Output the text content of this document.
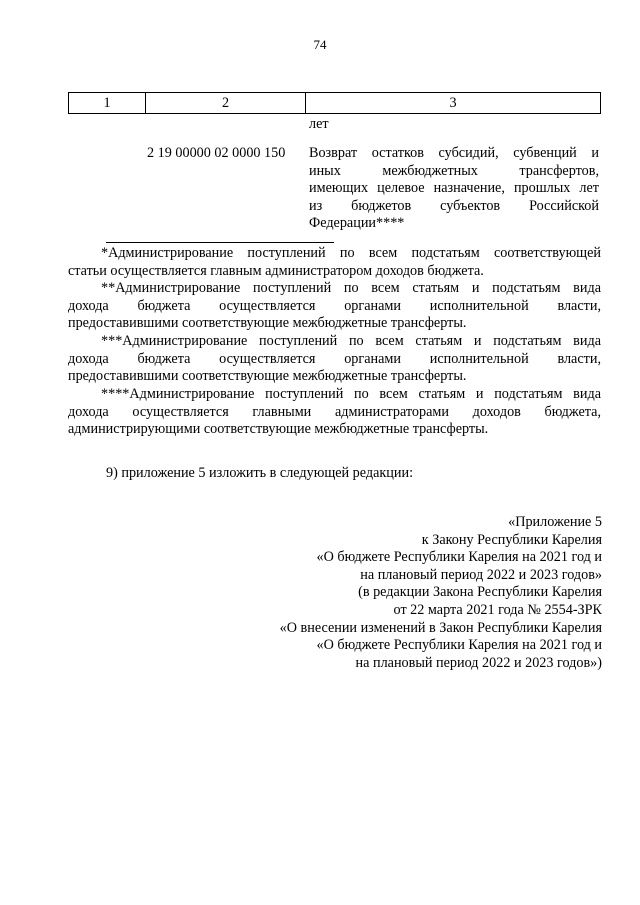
74
1	2	3
лет
2 19 00000 02 0000 150 Возврат остатков субсидий, субвенций и
иных межбюджетных трансфертов,
имеющих целевое назначение, прошлых лет
из бюджетов субъектов Российской
Федерации****
*Администрирование поступлений по всем подстатьям соответствующей
статьи осуществляется главным администратором доходов бюджета.
**Администрирование поступлений по всем статьям и подстатьям вида
дохода бюджета осуществляется органами исполнительной власти,
предоставившими соответствующие межбюджетные трансферты.
***Администрирование поступлений по всем статьям и подстатьям вида
дохода бюджета осуществляется органами исполнительной власти,
предоставившими соответствующие межбюджетные трансферты.
****Администрирование поступлений по всем статьям и подстатьям вида
дохода осуществляется главными администраторами доходов бюджета,
администрирующими соответствующие межбюджетные трансферты.
9) приложение 5 изложить в следующей редакции:
«Приложение 5
к Закону Республики Карелия
«О бюджете Республики Карелия на 2021 год и
на плановый период 2022 и 2023 годов»
(в редакции Закона Республики Карелия
от 22 марта 2021 года № 2554-ЗРК
«О внесении изменений в Закон Республики Карелия
«О бюджете Республики Карелия на 2021 год и
на плановый период 2022 и 2023 годов»)
